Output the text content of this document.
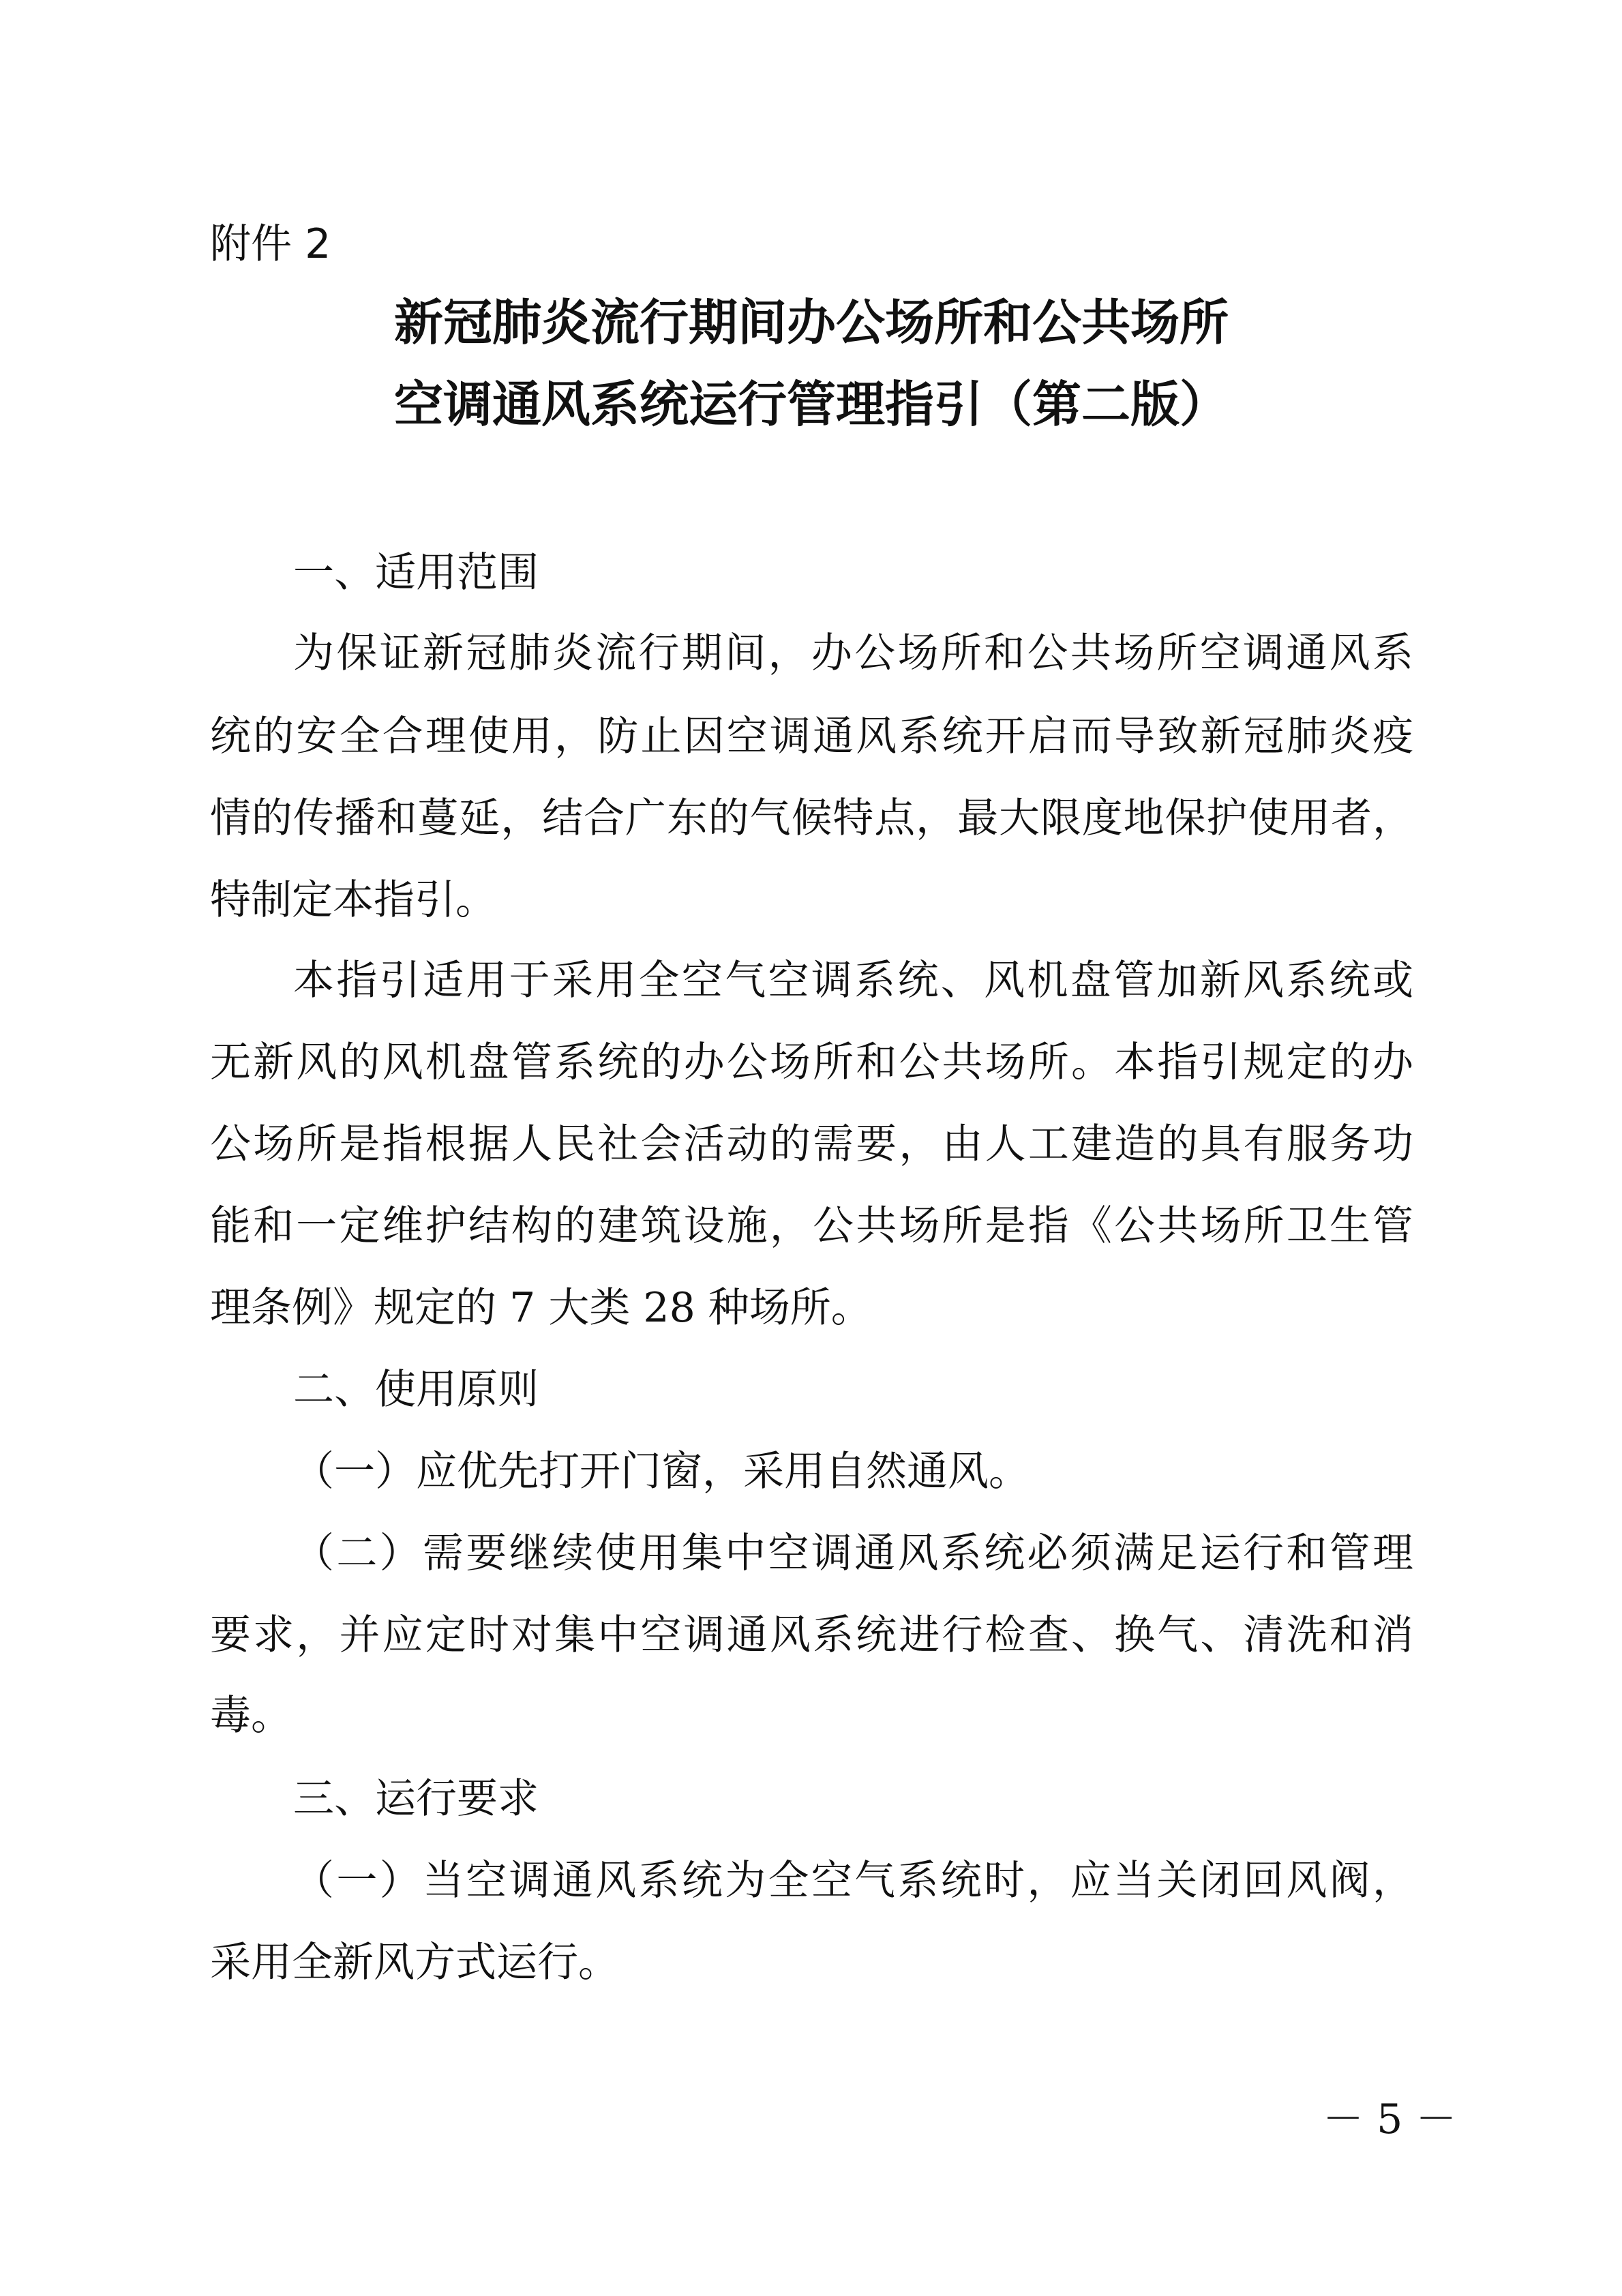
附件 2
新冠肺炎流行期间办公场所和公共场所
空调通风系统运行管理指引（第二版）
一、适用范围
为保证新冠肺炎流行期间，办公场所和公共场所空调通风系
统的安全合理使用，防止因空调通风系统开启而导致新冠肺炎疫
情的传播和蔓延，结合广东的气候特点，最大限度地保护使用者，
特制定本指引。
本指引适用于采用全空气空调系统、风机盘管加新风系统或
无新风的风机盘管系统的办公场所和公共场所。本指引规定的办
公场所是指根据人民社会活动的需要，由人工建造的具有服务功
能和一定维护结构的建筑设施，公共场所是指《公共场所卫生管
理条例》规定的 7 大类 28 种场所。
二、使用原则
（一）应优先打开门窗，采用自然通风。
（二）需要继续使用集中空调通风系统必须满足运行和管理
要求，并应定时对集中空调通风系统进行检查、换气、清洗和消
毒。
三、运行要求
（一）当空调通风系统为全空气系统时，应当关闭回风阀，
采用全新风方式运行。
－ 5 －
